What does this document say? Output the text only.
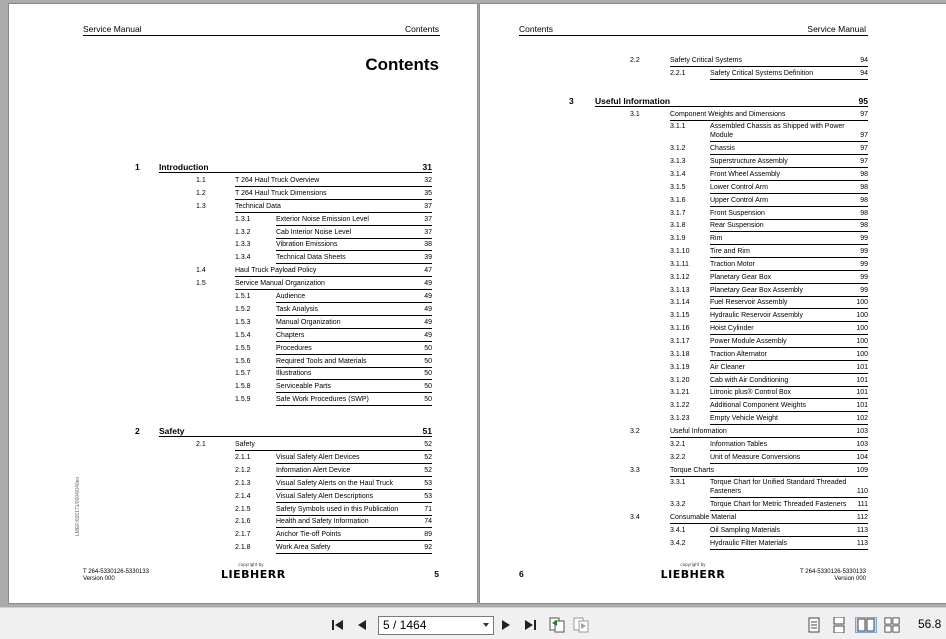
Service Manual	Contents
Contents
1 Introduction	31
1.1	T 264 Haul Truck Overview	32
1.2	T 264 Haul Truck Dimensions	35
1.3	Technical Data	37
1.3.1	Exterior Noise Emission Level	37
1.3.2	Cab Interior Noise Level	37
1.3.3	Vibration Emissions	38
1.3.4	Technical Data Sheets	39
1.4	Haul Truck Payload Policy	47
1.5	Service Manual Organization	49
1.5.1	Audience	49
1.5.2	Task Analysis	49
1.5.3	Manual Organization	49
1.5.4	Chapters	49
1.5.5	Procedures	50
1.5.6	Required Tools and Materials	50
1.5.7	Illustrations	50
1.5.8	Serviceable Parts	50
1.5.9	Safe Work Procedures (SWP)	50
2 Safety	51
2.1	Safety	52
2.1.1	Visual Safety Alert Devices	52
2.1.2	Information Alert Device	52
2.1.3	Visual Safety Alerts on the Haul Truck	53
2.1.4	Visual Safety Alert Descriptions	53
2.1.5	Safety Symbols used in this Publication	71
2.1.6	Health and Safety Information	74
2.1.7	Anchor Tie-off Points	89
2.1.8	Work Area Safety	92
LMEF/026171/0004/040en
T 264-5330126-5330133
Version 000
copyright by
LIEBHERR	5
Contents	Service Manual
2.2	Safety Critical Systems	94
2.2.1	Safety Critical Systems Definition	94
3	Useful Information	95
3.1	Component Weights and Dimensions	97
3.1.1	Assembled Chassis as Shipped with Power
Module	97
3.1.2	Chassis	97
3.1.3	Superstructure Assembly	97
3.1.4	Front Wheel Assembly	98
3.1.5	Lower Control Arm	98
3.1.6	Upper Control Arm	98
3.1.7	Front Suspension	98
3.1.8	Rear Suspension	98
3.1.9	Rim	99
3.1.10	Tire and Rim	99
3.1.11	Traction Motor	99
3.1.12	Planetary Gear Box	99
3.1.13	Planetary Gear Box Assembly	99
3.1.14	Fuel Reservoir Assembly	100
3.1.15	Hydraulic Reservoir Assembly	100
3.1.16	Hoist Cylinder	100
3.1.17	Power Module Assembly	100
3.1.18	Traction Alternator	100
3.1.19	Air Cleaner	101
3.1.20	Cab with Air Conditioning	101
3.1.21	Litronic plus® Control Box	101
3.1.22	Additional Component Weights	101
3.1.23	Empty Vehicle Weight	102
3.2	Useful Information	103
3.2.1	Information Tables	103
3.2.2	Unit of Measure Conversions	104
3.3	Torque Charts	109
3.3.1	Torque Chart for Unified Standard Threaded
Fasteners	110
3.3.2	Torque Chart for Metric Threaded Fasteners 111
3.4	Consumable Material	112
3.4.1	Oil Sampling Materials	113
3.4.2	Hydraulic Filter Materials	113
6
copyright by
LIEBHERR	T 264-5330126-5330133
Version 000
5 / 1464	56.8
